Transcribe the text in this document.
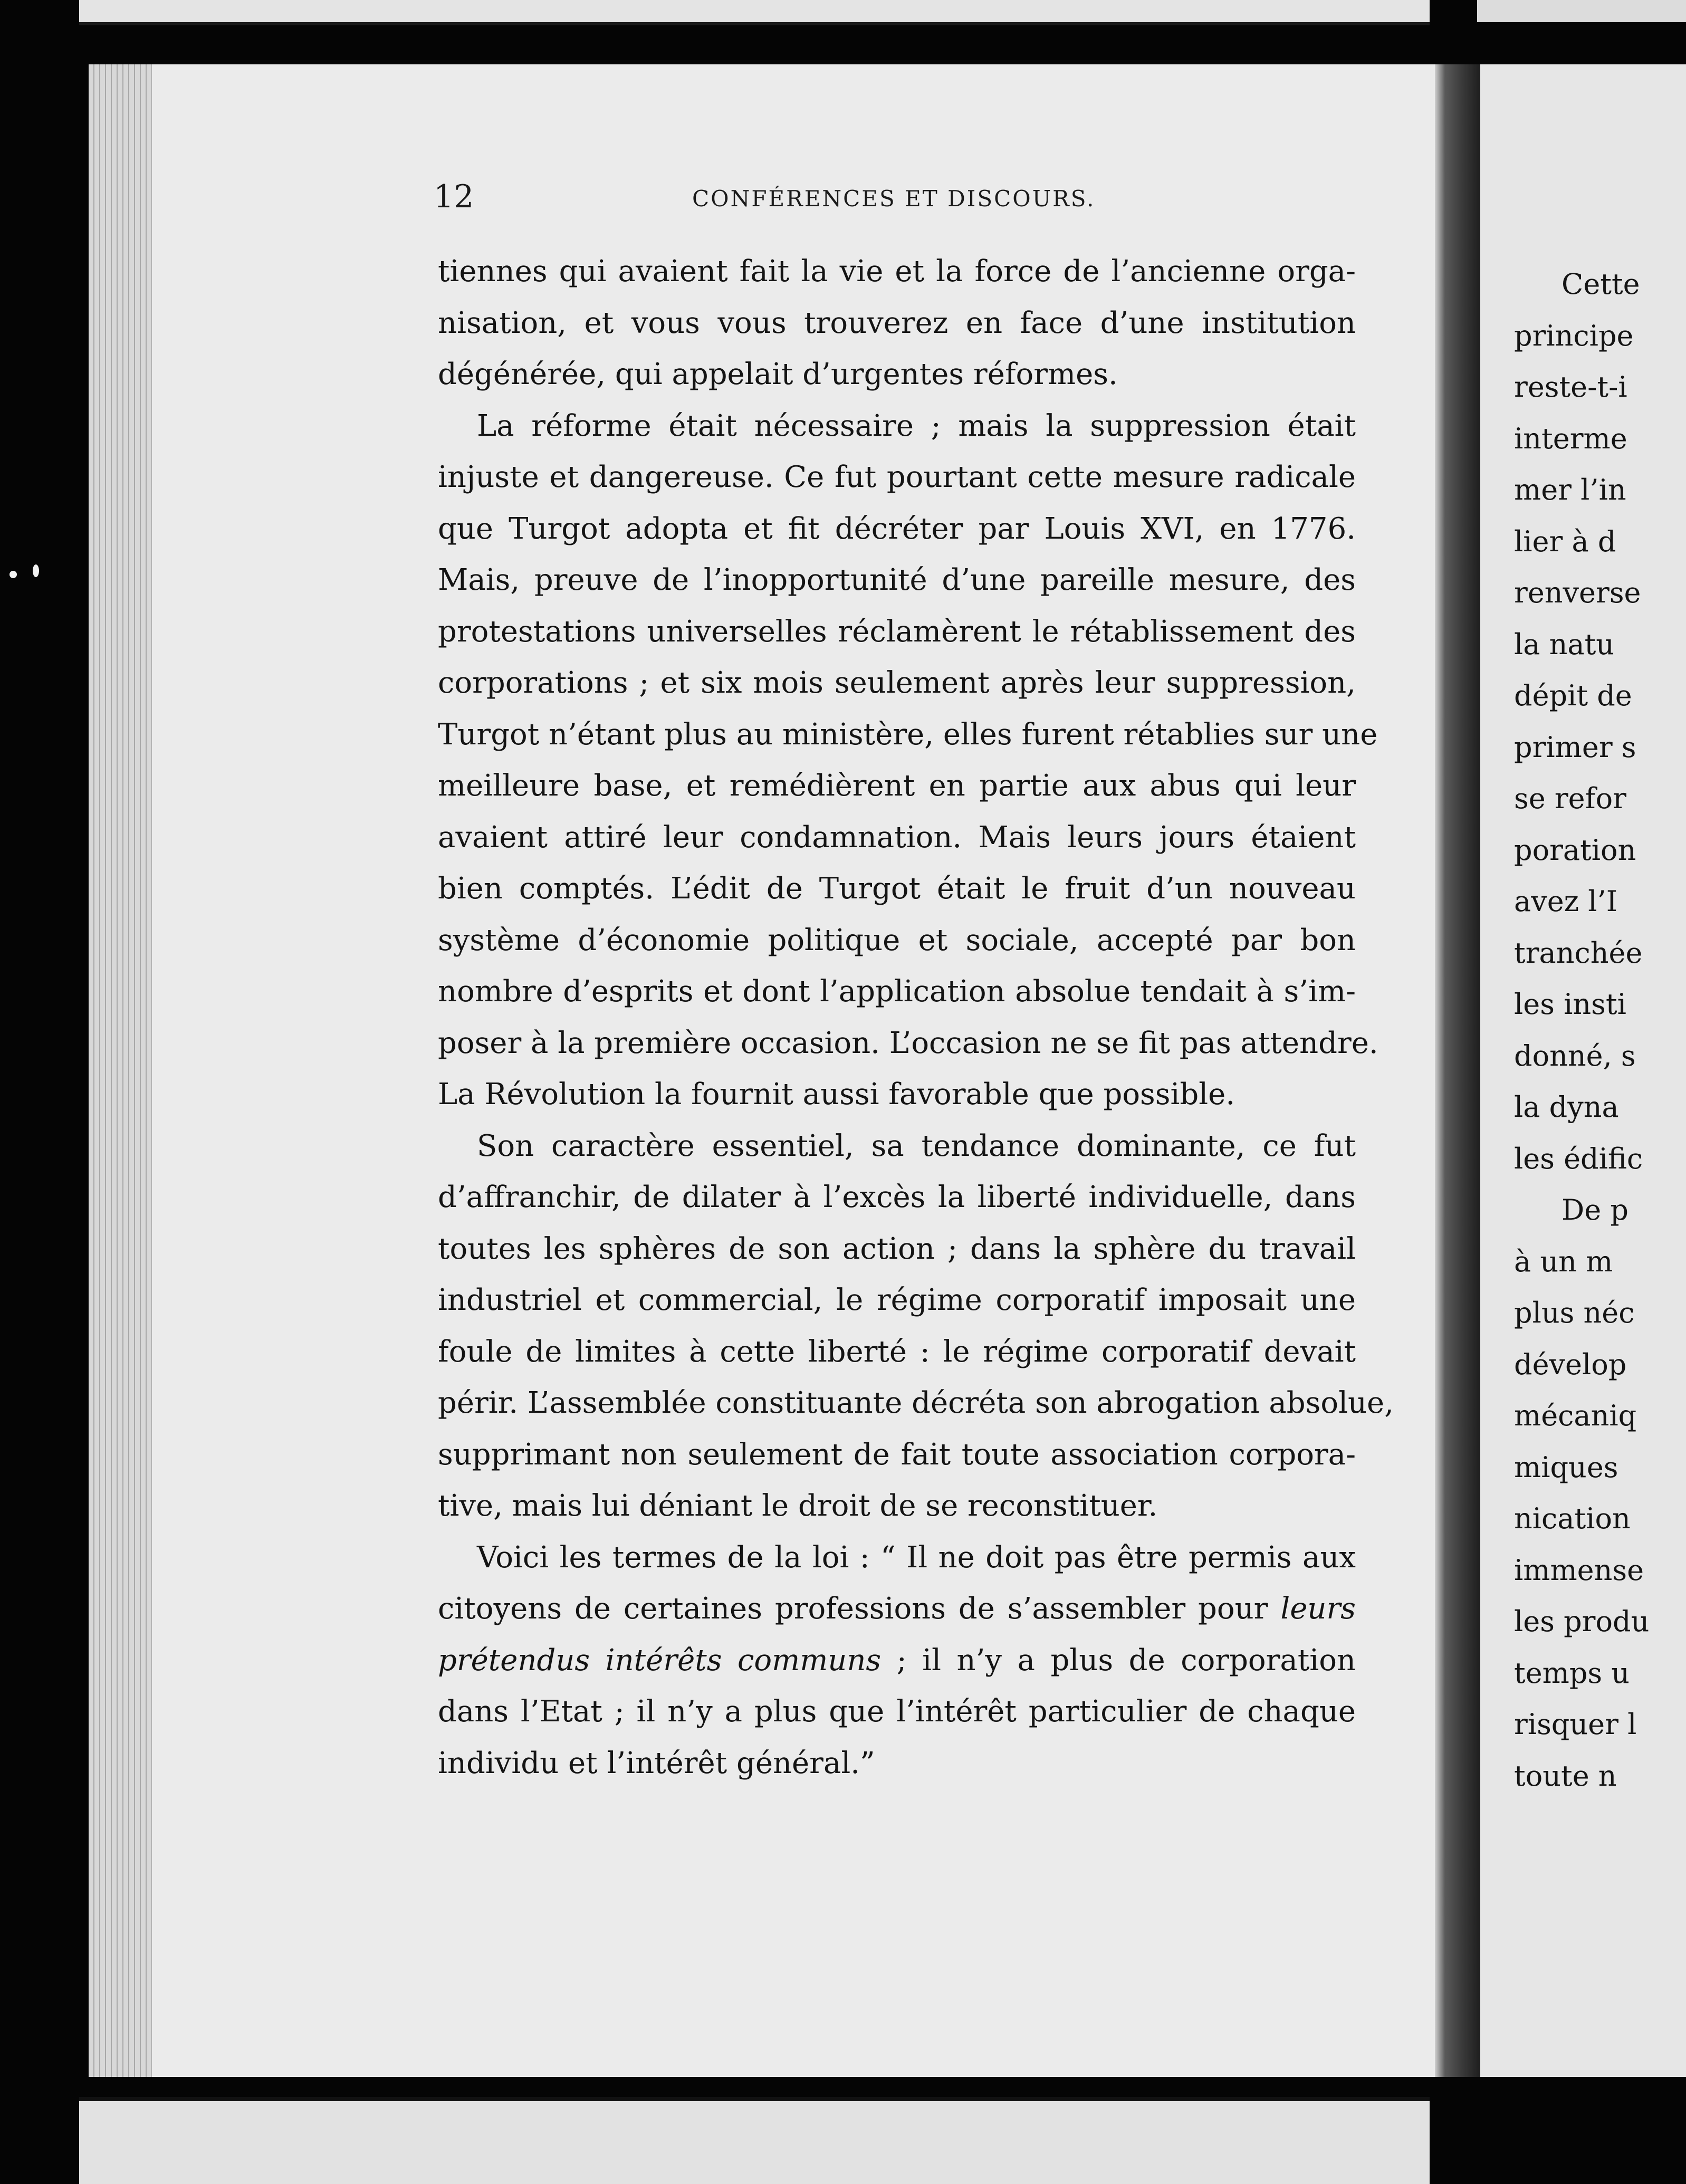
12	CONFÉRENCES ET DISCOURS.
tiennes qui avaient fait la vie et la force de l’ancienne orga-
nisation, et vous vous trouverez en face d’une institution
dégénérée, qui appelait d’urgentes réformes.
La réforme était nécessaire ; mais la suppression était
injuste et dangereuse. Ce fut pourtant cette mesure radicale
que Turgot adopta et fit décréter par Louis XVI, en 1776.
Mais, preuve de l’inopportunité d’une pareille mesure, des
protestations universelles réclamèrent le rétablissement des
corporations ; et six mois seulement après leur suppression,
Turgot n’étant plus au ministère, elles furent rétablies sur une
meilleure base, et remédièrent en partie aux abus qui leur
avaient attiré leur condamnation. Mais leurs jours étaient
bien comptés. L’édit de Turgot était le fruit d’un nouveau
système d’économie politique et sociale, accepté par bon
nombre d’esprits et dont l’application absolue tendait à s’im-
poser à la première occasion. L’occasion ne se fit pas attendre.
La Révolution la fournit aussi favorable que possible.
Son caractère essentiel, sa tendance dominante, ce fut
d’affranchir, de dilater à l’excès la liberté individuelle, dans
toutes les sphères de son action ; dans la sphère du travail
industriel et commercial, le régime corporatif imposait une
foule de limites à cette liberté : le régime corporatif devait
périr. L’assemblée constituante décréta son abrogation absolue,
supprimant non seulement de fait toute association corpora-
tive, mais lui déniant le droit de se reconstituer.
Voici les termes de la loi : “ Il ne doit pas être permis aux
citoyens de certaines professions de s’assembler pour leurs
prétendus intérêts communs ; il n’y a plus de corporation
dans l’Etat ; il n’y a plus que l’intérêt particulier de chaque
individu et l’intérêt général.”
Cette
principe
reste-t-i
interme
mer l’in
lier à d
renverse
la natu
dépit de
primer s
se refor
poration
avez l’I
tranchée
les insti
donné, s
la dyna
les édific
De p
à un m
plus néc
dévelop
mécaniq
miques
nication
immense
les produ
temps u
risquer l
toute n
